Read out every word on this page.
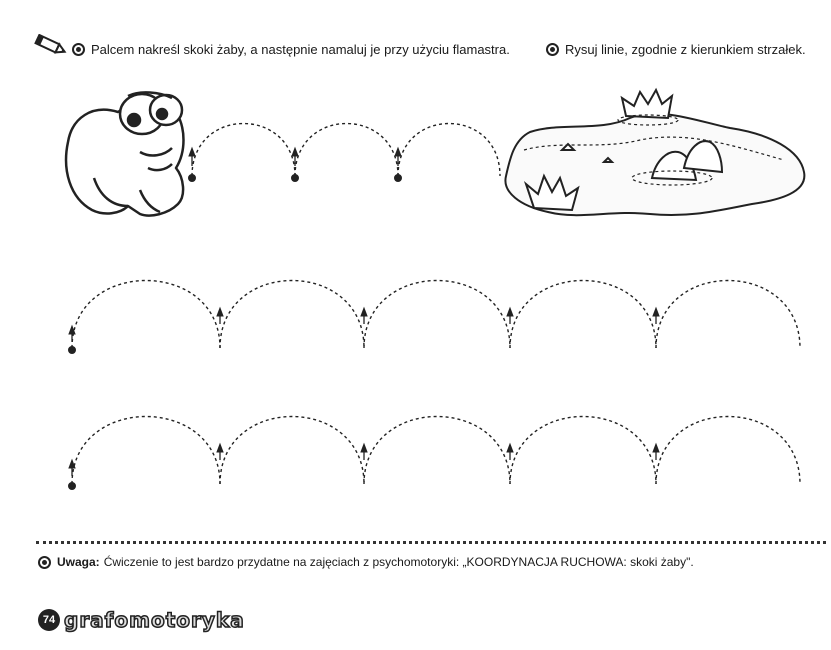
Palcem nakreśl skoki żaby, a następnie namaluj je przy użyciu flamastra.	Rysuj linie, zgodnie z kierunkiem strzałek.
Uwaga: Ćwiczenie to jest bardzo przydatne na zajęciach z psychomotoryki: „KOORDYNACJA RUCHOWA: skoki żaby".
74 grafomotoryka
